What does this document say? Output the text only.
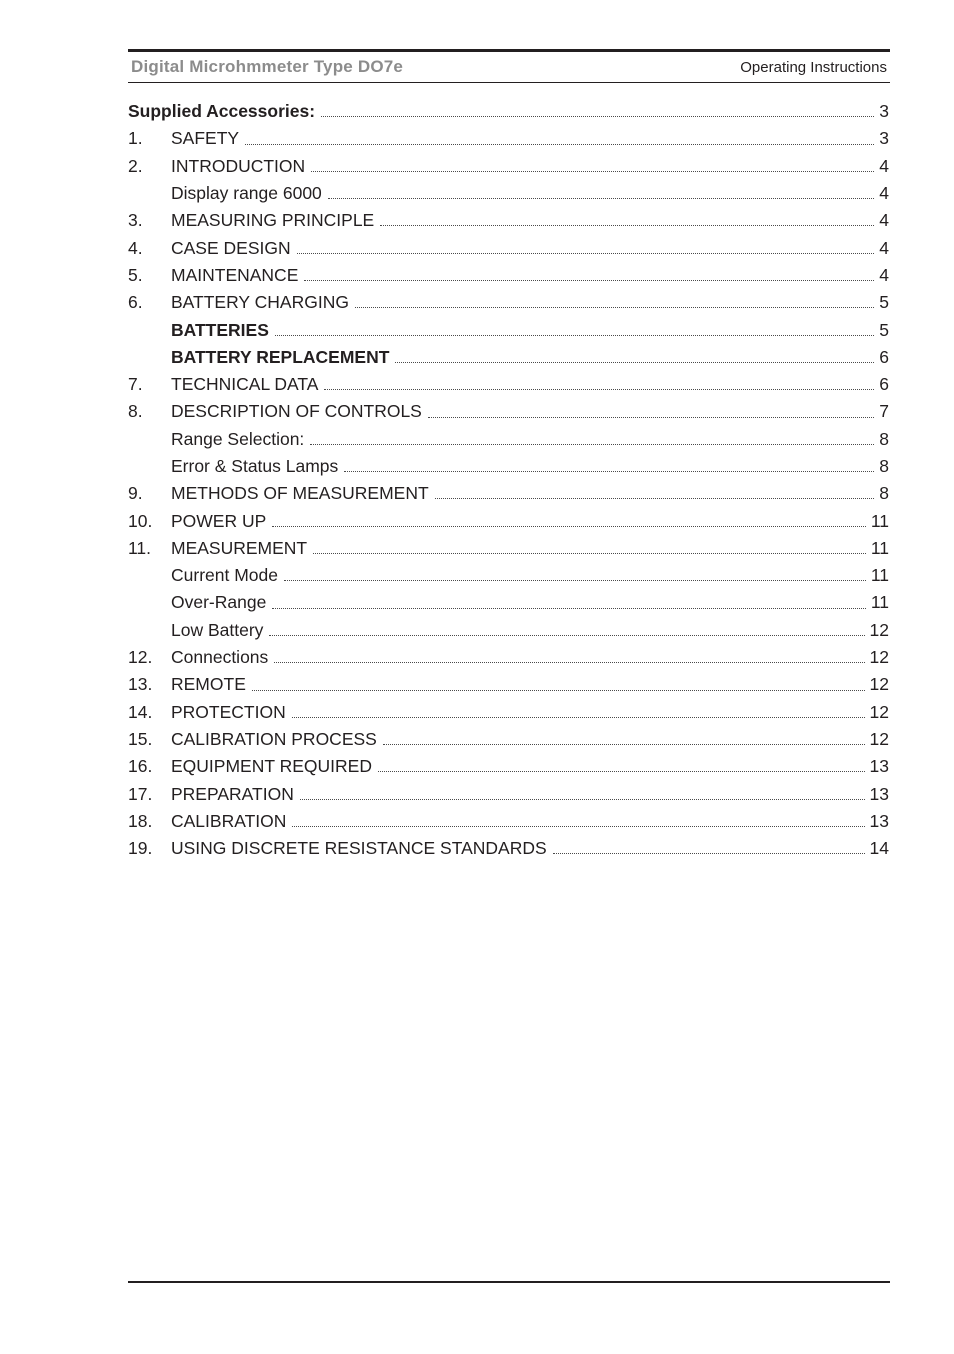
Digital Microhmmeter Type DO7e	Operating Instructions
Supplied Accessories:	3
1.	SAFETY	3
2.	INTRODUCTION	4
Display range 6000	4
3.	MEASURING PRINCIPLE	4
4.	CASE DESIGN	4
5.	MAINTENANCE	4
6.	BATTERY CHARGING	5
BATTERIES	5
BATTERY REPLACEMENT	6
7.	TECHNICAL DATA	6
8.	DESCRIPTION OF CONTROLS	7
Range Selection:	8
Error & Status Lamps	8
9.	METHODS OF MEASUREMENT	8
10.	POWER UP	11
11.	MEASUREMENT	11
Current Mode	11
Over-Range	11
Low Battery	12
12.	Connections	12
13.	REMOTE	12
14.	PROTECTION	12
15.	CALIBRATION PROCESS	12
16.	EQUIPMENT REQUIRED	13
17.	PREPARATION	13
18.	CALIBRATION	13
19.	USING DISCRETE RESISTANCE STANDARDS	14
